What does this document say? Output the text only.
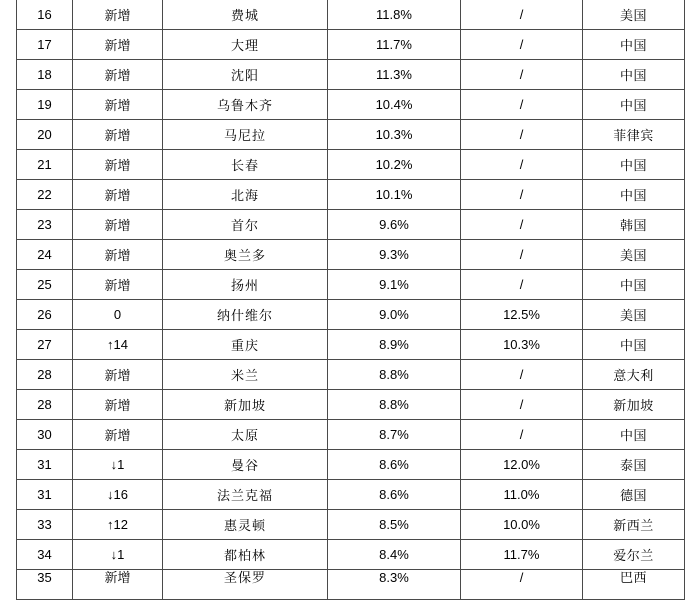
16	新增	费城	11.8%	/	美国
17	新增	大理	11.7%	/	中国
18	新增	沈阳	11.3%	/	中国
19	新增	乌鲁木齐	10.4%	/	中国
20	新增	马尼拉	10.3%	/	菲律宾
21	新增	长春	10.2%	/	中国
22	新增	北海	10.1%	/	中国
23	新增	首尔	9.6%	/	韩国
24	新增	奥兰多	9.3%	/	美国
25	新增	扬州	9.1%	/	中国
26	0	纳什维尔	9.0%	12.5%	美国
27	↑14	重庆	8.9%	10.3%	中国
28	新增	米兰	8.8%	/	意大利
28	新增	新加坡	8.8%	/	新加坡
30	新增	太原	8.7%	/	中国
31	↓1	曼谷	8.6%	12.0%	泰国
31	↓16	法兰克福	8.6%	11.0%	德国
33	↑12	惠灵顿	8.5%	10.0%	新西兰
34	↓1	都柏林	8.4%	11.7%	爱尔兰

35	新增	圣保罗	8.3%	/	巴西
